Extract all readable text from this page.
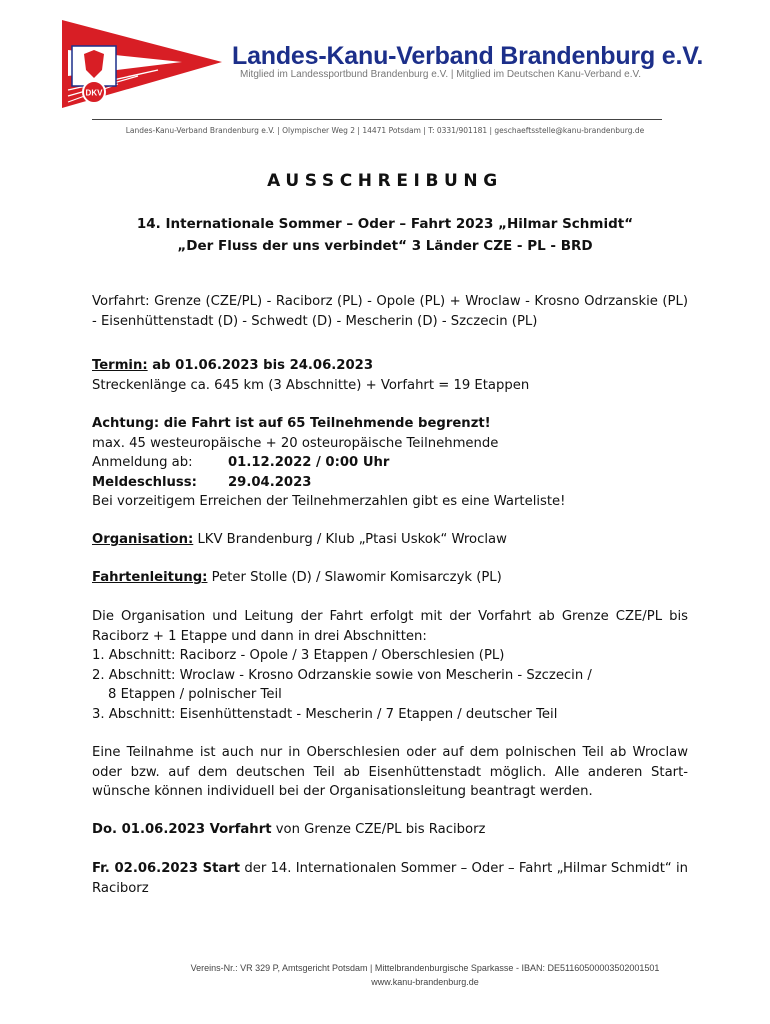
DKV
Landes-Kanu-Verband Brandenburg e.V.
Mitglied im Landessportbund Brandenburg e.V. | Mitglied im Deutschen Kanu-Verband e.V.
Landes-Kanu-Verband Brandenburg e.V. | Olympischer Weg 2 | 14471 Potsdam | T: 0331/901181 | geschaeftsstelle@kanu-brandenburg.de
AUSSCHREIBUNG
14. Internationale Sommer – Oder – Fahrt 2023 „Hilmar Schmidt“
„Der Fluss der uns verbindet“ 3 Länder CZE - PL - BRD
Vorfahrt: Grenze (CZE/PL) - Raciborz (PL) - Opole (PL) + Wroclaw - Krosno Odrzanskie (PL) - Eisenhüttenstadt (D) - Schwedt (D) - Mescherin (D) - Szczecin (PL)
Termin: ab 01.06.2023 bis 24.06.2023
Streckenlänge ca. 645 km (3 Abschnitte) + Vorfahrt = 19 Etappen
Achtung: die Fahrt ist auf 65 Teilnehmende begrenzt!
max. 45 westeuropäische + 20 osteuropäische Teilnehmende
Anmeldung ab:	01.12.2022 / 0:00 Uhr
Meldeschluss:	29.04.2023
Bei vorzeitigem Erreichen der Teilnehmerzahlen gibt es eine Warteliste!
Organisation: LKV Brandenburg / Klub „Ptasi Uskok“ Wroclaw
Fahrtenleitung: Peter Stolle (D) / Slawomir Komisarczyk (PL)
Die Organisation und Leitung der Fahrt erfolgt mit der Vorfahrt ab Grenze CZE/PL bis Raciborz + 1 Etappe und dann in drei Abschnitten:
1. Abschnitt: Raciborz - Opole / 3 Etappen / Oberschlesien (PL)
2. Abschnitt: Wroclaw - Krosno Odrzanskie sowie von Mescherin - Szczecin /
8 Etappen / polnischer Teil
3. Abschnitt: Eisenhüttenstadt - Mescherin / 7 Etappen / deutscher Teil
Eine Teilnahme ist auch nur in Oberschlesien oder auf dem polnischen Teil ab Wroclaw oder bzw. auf dem deutschen Teil ab Eisenhüttenstadt möglich. Alle anderen Start-wünsche können individuell bei der Organisationsleitung beantragt werden.
Do. 01.06.2023 Vorfahrt von Grenze CZE/PL bis Raciborz
Fr. 02.06.2023 Start der 14. Internationalen Sommer – Oder – Fahrt „Hilmar Schmidt“ in Raciborz
Vereins-Nr.: VR 329 P, Amtsgericht Potsdam | Mittelbrandenburgische Sparkasse - IBAN: DE51160500003502001501
www.kanu-brandenburg.de
